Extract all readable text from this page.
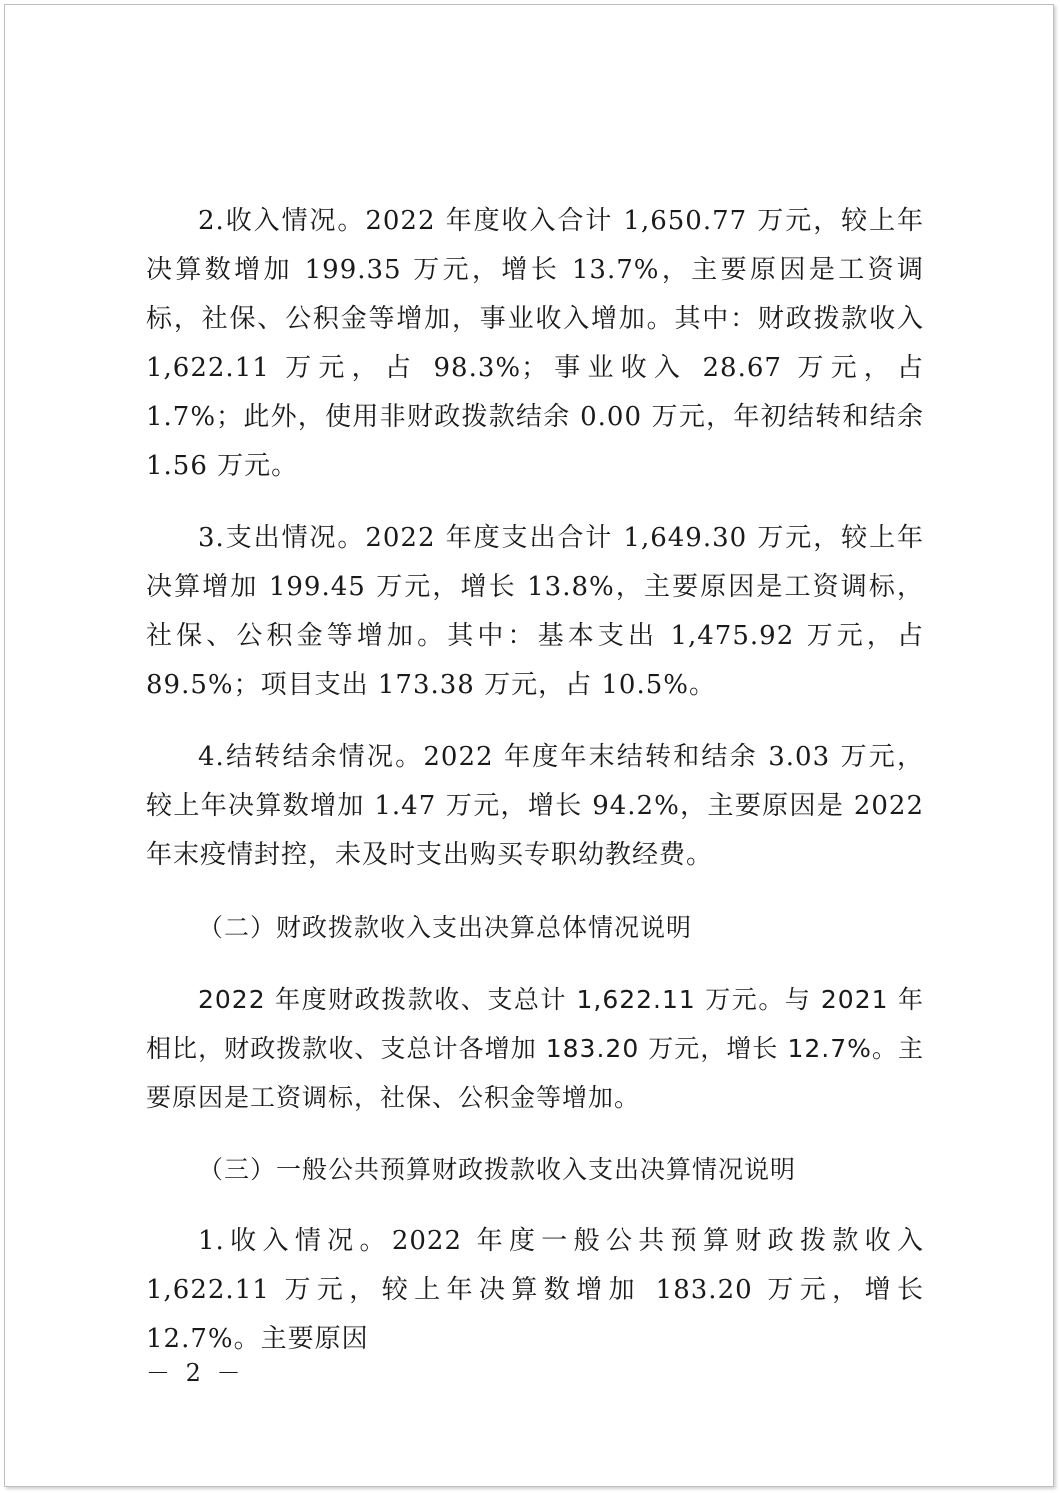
2.收入情况。2022 年度收入合计 1,650.77 万元，较上年决算数增加 199.35 万元，增长 13.7%，主要原因是工资调标，社保、公积金等增加，事业收入增加。其中：财政拨款收入 1,622.11 万元，占 98.3%；事业收入 28.67 万元，占 1.7%；此外，使用非财政拨款结余 0.00 万元，年初结转和结余 1.56 万元。

3.支出情况。2022 年度支出合计 1,649.30 万元，较上年决算增加 199.45 万元，增长 13.8%，主要原因是工资调标，社保、公积金等增加。其中：基本支出 1,475.92 万元，占 89.5%；项目支出 173.38 万元，占 10.5%。

4.结转结余情况。2022 年度年末结转和结余 3.03 万元，较上年决算数增加 1.47 万元，增长 94.2%，主要原因是 2022 年末疫情封控，未及时支出购买专职幼教经费。

（二）财政拨款收入支出决算总体情况说明

2022 年度财政拨款收、支总计 1,622.11 万元。与 2021 年相比，财政拨款收、支总计各增加 183.20 万元，增长 12.7%。主要原因是工资调标，社保、公积金等增加。

（三）一般公共预算财政拨款收入支出决算情况说明

1.收入情况。2022 年度一般公共预算财政拨款收入 1,622.11 万元，较上年决算数增加 183.20 万元，增长 12.7%。主要原因

－ 2 －
